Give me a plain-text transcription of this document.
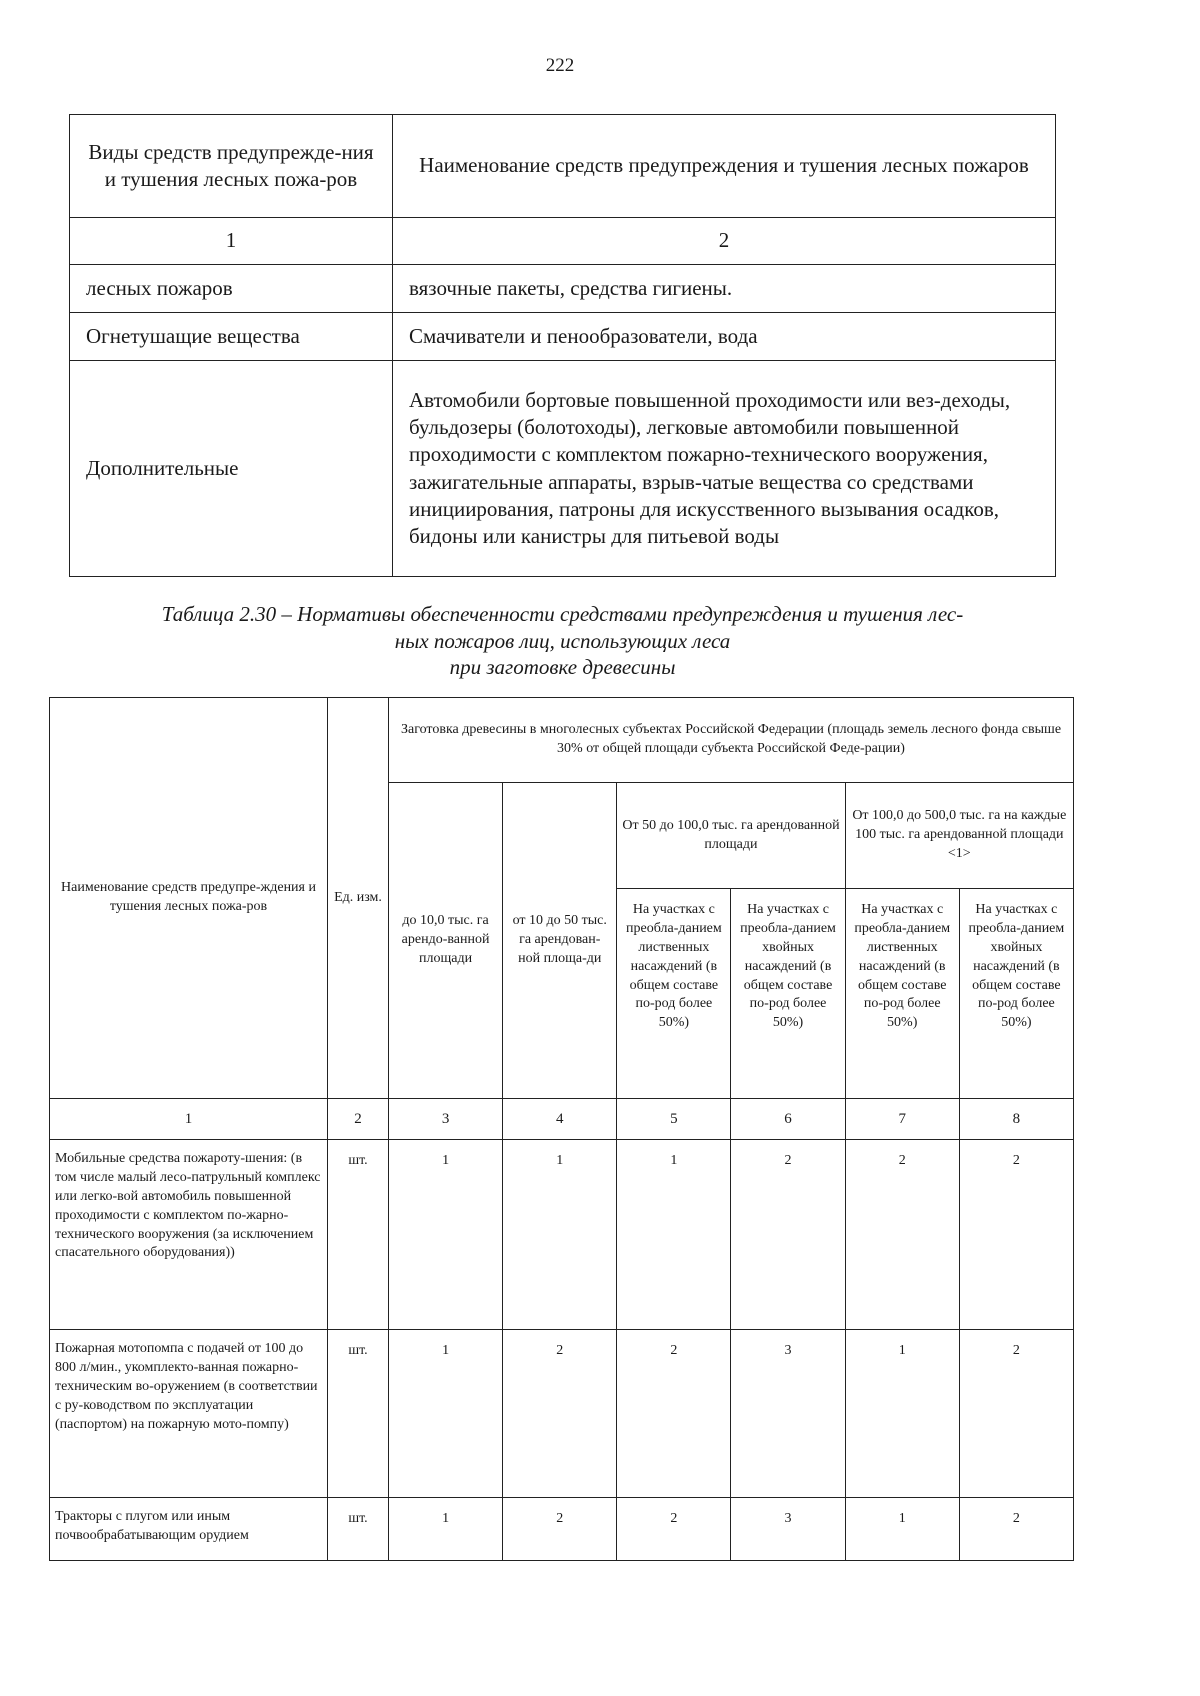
222
Виды средств предупрежде-ния и тушения лесных пожа-ров	Наименование средств предупреждения и тушения лесных пожаров
1	2
лесных пожаров	вязочные пакеты, средства гигиены.
Огнетушащие вещества	Смачиватели и пенообразователи, вода
Дополнительные	Автомобили бортовые повышенной проходимости или вез-деходы, бульдозеры (болотоходы), легковые автомобили повышенной проходимости с комплектом пожарно-технического вооружения, зажигательные аппараты, взрыв-чатые вещества со средствами инициирования, патроны для искусственного вызывания осадков, бидоны или канистры для питьевой воды
Таблица 2.30 – Нормативы обеспеченности средствами предупреждения и тушения лес-
ных пожаров лиц, использующих леса
при заготовке древесины
Наименование средств предупре-ждения и тушения лесных пожа-ров	Ед. изм.	Заготовка древесины в многолесных субъектах Российской Федерации (площадь земель лесного фонда свыше 30% от общей площади субъекта Российской Феде-рации)					
		до 10,0 тыс. га арендо-ванной площади	от 10 до 50 тыс. га арендован-ной площа-ди	От 50 до 100,0 тыс. га арендованной площади		От 100,0 до 500,0 тыс. га на каждые 100 тыс. га арендованной площади <1>	
				На участках с преобла-данием лиственных насаждений (в общем составе по-род более 50%)	На участках с преобла-данием хвойных насаждений (в общем составе по-род более 50%)	На участках с преобла-данием лиственных насаждений (в общем составе по-род более 50%)	На участках с преобла-данием хвойных насаждений (в общем составе по-род более 50%)
1	2	3	4	5	6	7	8
Мобильные средства пожароту-шения: (в том числе малый лесо-патрульный комплекс или легко-вой автомобиль повышенной проходимости с комплектом по-жарно-технического вооружения (за исключением спасательного оборудования))	шт.	1	1	1	2	2	2
Пожарная мотопомпа с подачей от 100 до 800 л/мин., укомплекто-ванная пожарно-техническим во-оружением (в соответствии с ру-ководством по эксплуатации (паспортом) на пожарную мото-помпу)	шт.	1	2	2	3	1	2
Тракторы с плугом или иным почвообрабатывающим орудием	шт.	1	2	2	3	1	2
